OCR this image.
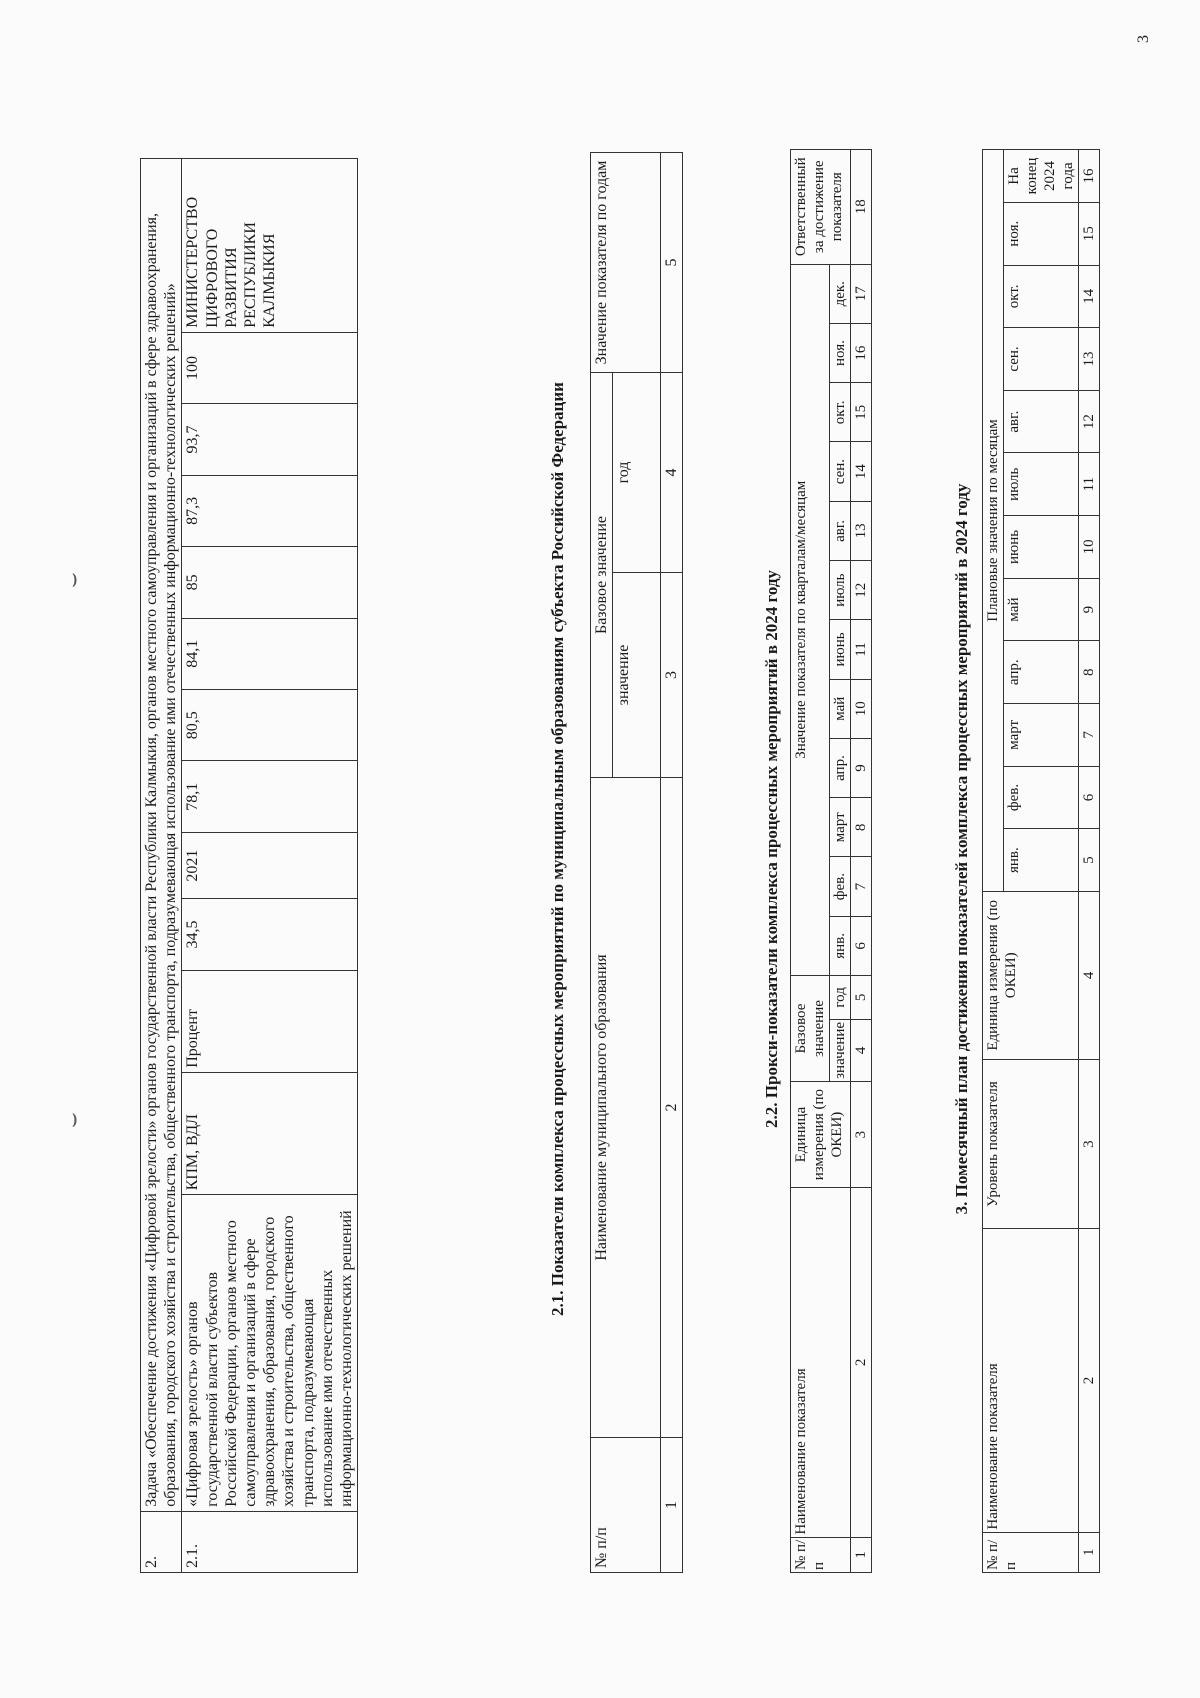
⌣
⌣
2.	Задача «Обеспечение достижения «Цифровой зрелости» органов государственной власти Республики Калмыкия, органов местного самоуправления и организаций в сфере здравоохранения, образования, городского хозяйства и строительства, общественного транспорта, подразумевающая использование ими отечественных информационно-технологических решений»												
2.1.	«Цифровая зрелость» органов государственной власти субъектов Российской Федерации, органов местного самоуправления и организаций в сфере здравоохранения, образования, городского хозяйства и строительства, общественного транспорта, подразумевающая использование ими отечественных информационно-технологических решений	КПМ, ВДЛ	Процент	34,5	2021	78,1	80,5	84,1	85	87,3	93,7	100	МИНИСТЕРСТВО ЦИФРОВОГО РАЗВИТИЯ РЕСПУБЛИКИ КАЛМЫКИЯ
2.1. Показатели комплекса процессных мероприятий по муниципальным образованиям субъекта Российской Федерации
№ п/п	Наименование муниципального образования	Базовое значение		Значение показателя по годам
		значение	год	
1	2	3	4	5
2.2. Прокси-показатели комплекса процессных мероприятий в 2024 году
№ п/п	Наименование показателя	Единица измерения (по ОКЕИ)	Базовое значение		Значение показателя по кварталам/месяцам												Ответственный за достижение показателя
			значение	год	янв.	фев.	март	апр.	май	июнь	июль	авг.	сен.	окт.	ноя.	дек.	
1	2	3	4	5	6	7	8	9	10	11	12	13	14	15	16	17	18
3. Помесячный план достижения показателей комплекса процессных мероприятий в 2024 году
№ п/п	Наименование показателя	Уровень показателя	Единица измерения (по ОКЕИ)	Плановые значения по месяцам											
				янв.	фев.	март	апр.	май	июнь	июль	авг.	сен.	окт.	ноя.	На конец 2024 года
1	2	3	4	5	6	7	8	9	10	11	12	13	14	15	16
3
